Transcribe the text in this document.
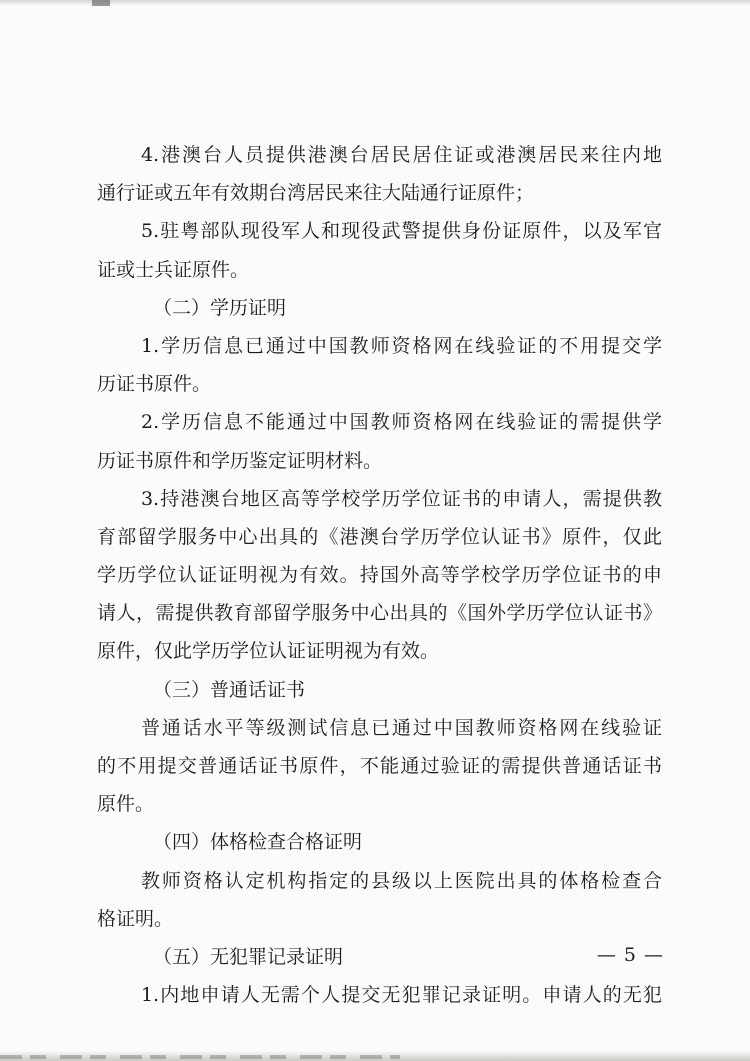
4.港澳台人员提供港澳台居民居住证或港澳居民来往内地
通行证或五年有效期台湾居民来往大陆通行证原件；
5.驻粤部队现役军人和现役武警提供身份证原件，以及军官
证或士兵证原件。
（二）学历证明
1.学历信息已通过中国教师资格网在线验证的不用提交学
历证书原件。
2.学历信息不能通过中国教师资格网在线验证的需提供学
历证书原件和学历鉴定证明材料。
3.持港澳台地区高等学校学历学位证书的申请人，需提供教
育部留学服务中心出具的《港澳台学历学位认证书》原件，仅此
学历学位认证证明视为有效。持国外高等学校学历学位证书的申
请人，需提供教育部留学服务中心出具的《国外学历学位认证书》
原件，仅此学历学位认证证明视为有效。
（三）普通话证书
普通话水平等级测试信息已通过中国教师资格网在线验证
的不用提交普通话证书原件，不能通过验证的需提供普通话证书
原件。
（四）体格检查合格证明
教师资格认定机构指定的县级以上医院出具的体格检查合
格证明。
（五）无犯罪记录证明
1.内地申请人无需个人提交无犯罪记录证明。申请人的无犯
— 5 —
